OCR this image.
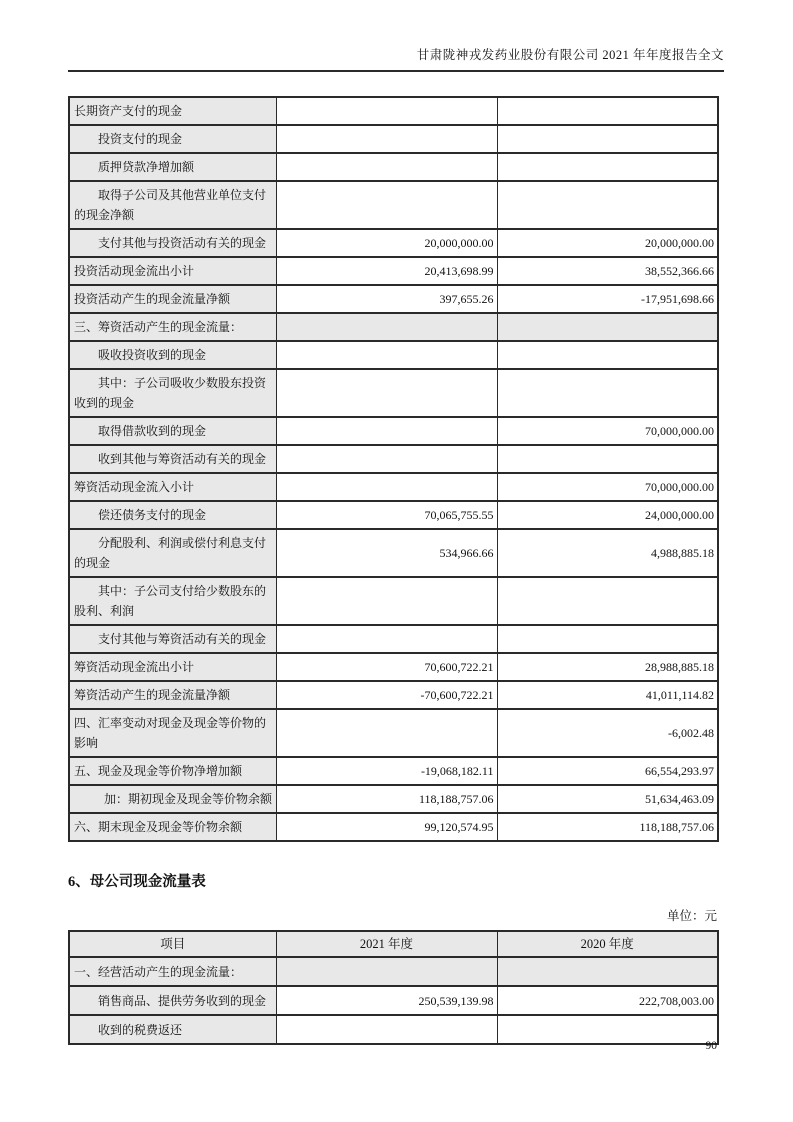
甘肃陇神戎发药业股份有限公司 2021 年年度报告全文
长期资产支付的现金		
投资支付的现金		
质押贷款净增加额		
取得子公司及其他营业单位支付的现金净额		
支付其他与投资活动有关的现金	20,000,000.00	20,000,000.00
投资活动现金流出小计	20,413,698.99	38,552,366.66
投资活动产生的现金流量净额	397,655.26	-17,951,698.66
三、筹资活动产生的现金流量：		
吸收投资收到的现金		
其中：子公司吸收少数股东投资收到的现金		
取得借款收到的现金		70,000,000.00
收到其他与筹资活动有关的现金		
筹资活动现金流入小计		70,000,000.00
偿还债务支付的现金	70,065,755.55	24,000,000.00
分配股利、利润或偿付利息支付的现金	534,966.66	4,988,885.18
其中：子公司支付给少数股东的股利、利润		
支付其他与筹资活动有关的现金		
筹资活动现金流出小计	70,600,722.21	28,988,885.18
筹资活动产生的现金流量净额	-70,600,722.21	41,011,114.82
四、汇率变动对现金及现金等价物的影响		-6,002.48
五、现金及现金等价物净增加额	-19,068,182.11	66,554,293.97
加：期初现金及现金等价物余额	118,188,757.06	51,634,463.09
六、期末现金及现金等价物余额	99,120,574.95	118,188,757.06
6、母公司现金流量表
单位：元
项目	2021 年度	2020 年度
一、经营活动产生的现金流量：		
销售商品、提供劳务收到的现金	250,539,139.98	222,708,003.00
收到的税费返还		
90
